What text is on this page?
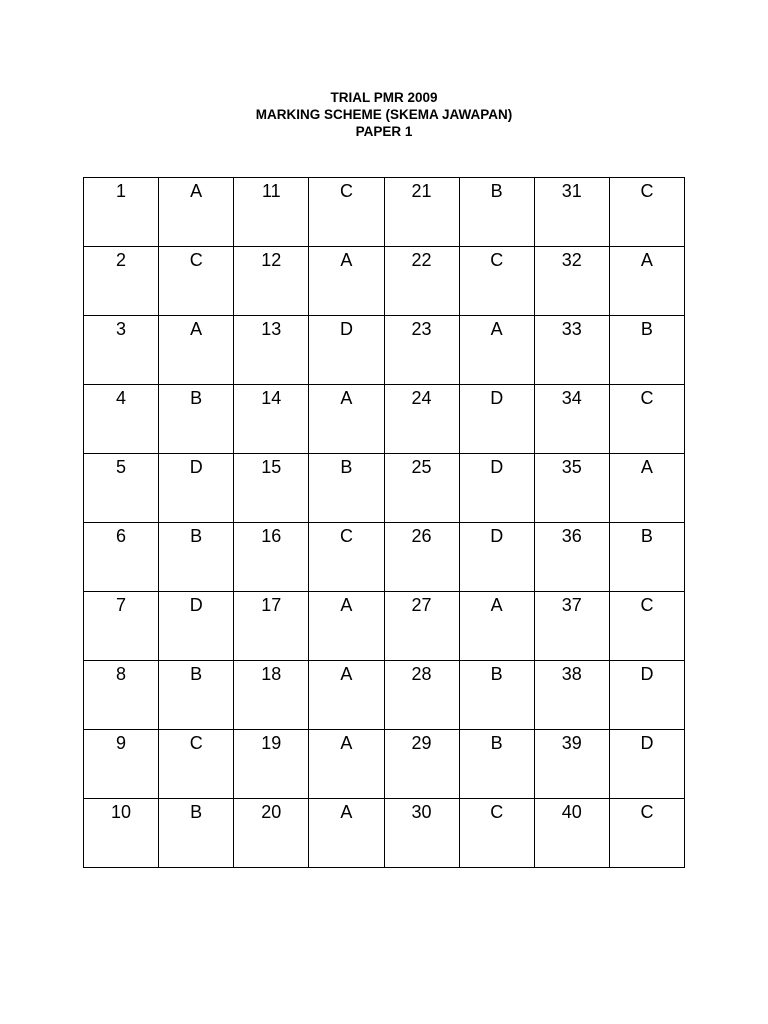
TRIAL PMR 2009
MARKING SCHEME (SKEMA JAWAPAN)
PAPER 1
1	A	11	C	21	B	31	C
2	C	12	A	22	C	32	A
3	A	13	D	23	A	33	B
4	B	14	A	24	D	34	C
5	D	15	B	25	D	35	A
6	B	16	C	26	D	36	B
7	D	17	A	27	A	37	C
8	B	18	A	28	B	38	D
9	C	19	A	29	B	39	D
10	B	20	A	30	C	40	C
